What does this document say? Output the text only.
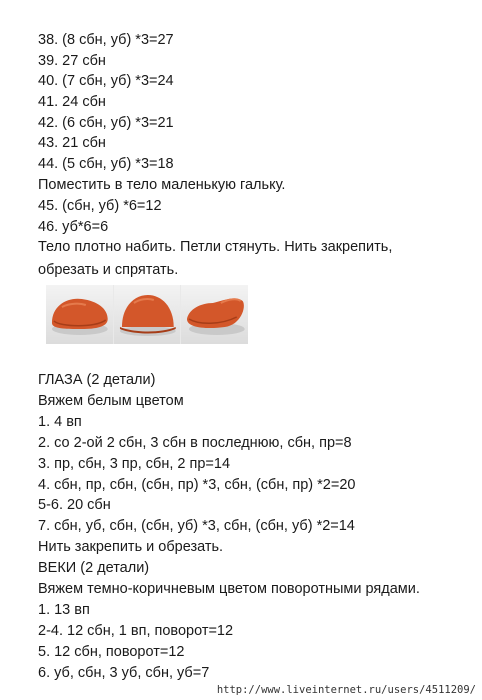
38. (8 сбн, уб) *3=27
39. 27 сбн
40. (7 сбн, уб) *3=24
41. 24 сбн
42. (6 сбн, уб) *3=21
43. 21 сбн
44. (5 сбн, уб) *3=18
Поместить в тело маленькую гальку.
45. (сбн, уб) *6=12
46. уб*6=6
Тело плотно набить. Петли стянуть. Нить закрепить,
обрезать и спрятать.
ГЛАЗА (2 детали)
Вяжем белым цветом
1. 4 вп
2. со 2-ой 2 сбн, 3 сбн в последнюю, сбн, пр=8
3. пр, сбн, 3 пр, сбн, 2 пр=14
4. сбн, пр, сбн, (сбн, пр) *3, сбн, (сбн, пр) *2=20
5-6. 20 сбн
7. сбн, уб, сбн, (сбн, уб) *3, сбн, (сбн, уб) *2=14
Нить закрепить и обрезать.
ВЕКИ (2 детали)
Вяжем темно-коричневым цветом поворотными рядами.
1. 13 вп
2-4. 12 сбн, 1 вп, поворот=12
5. 12 сбн, поворот=12
6. уб, сбн, 3 уб, сбн, уб=7
http://www.liveinternet.ru/users/4511209/
